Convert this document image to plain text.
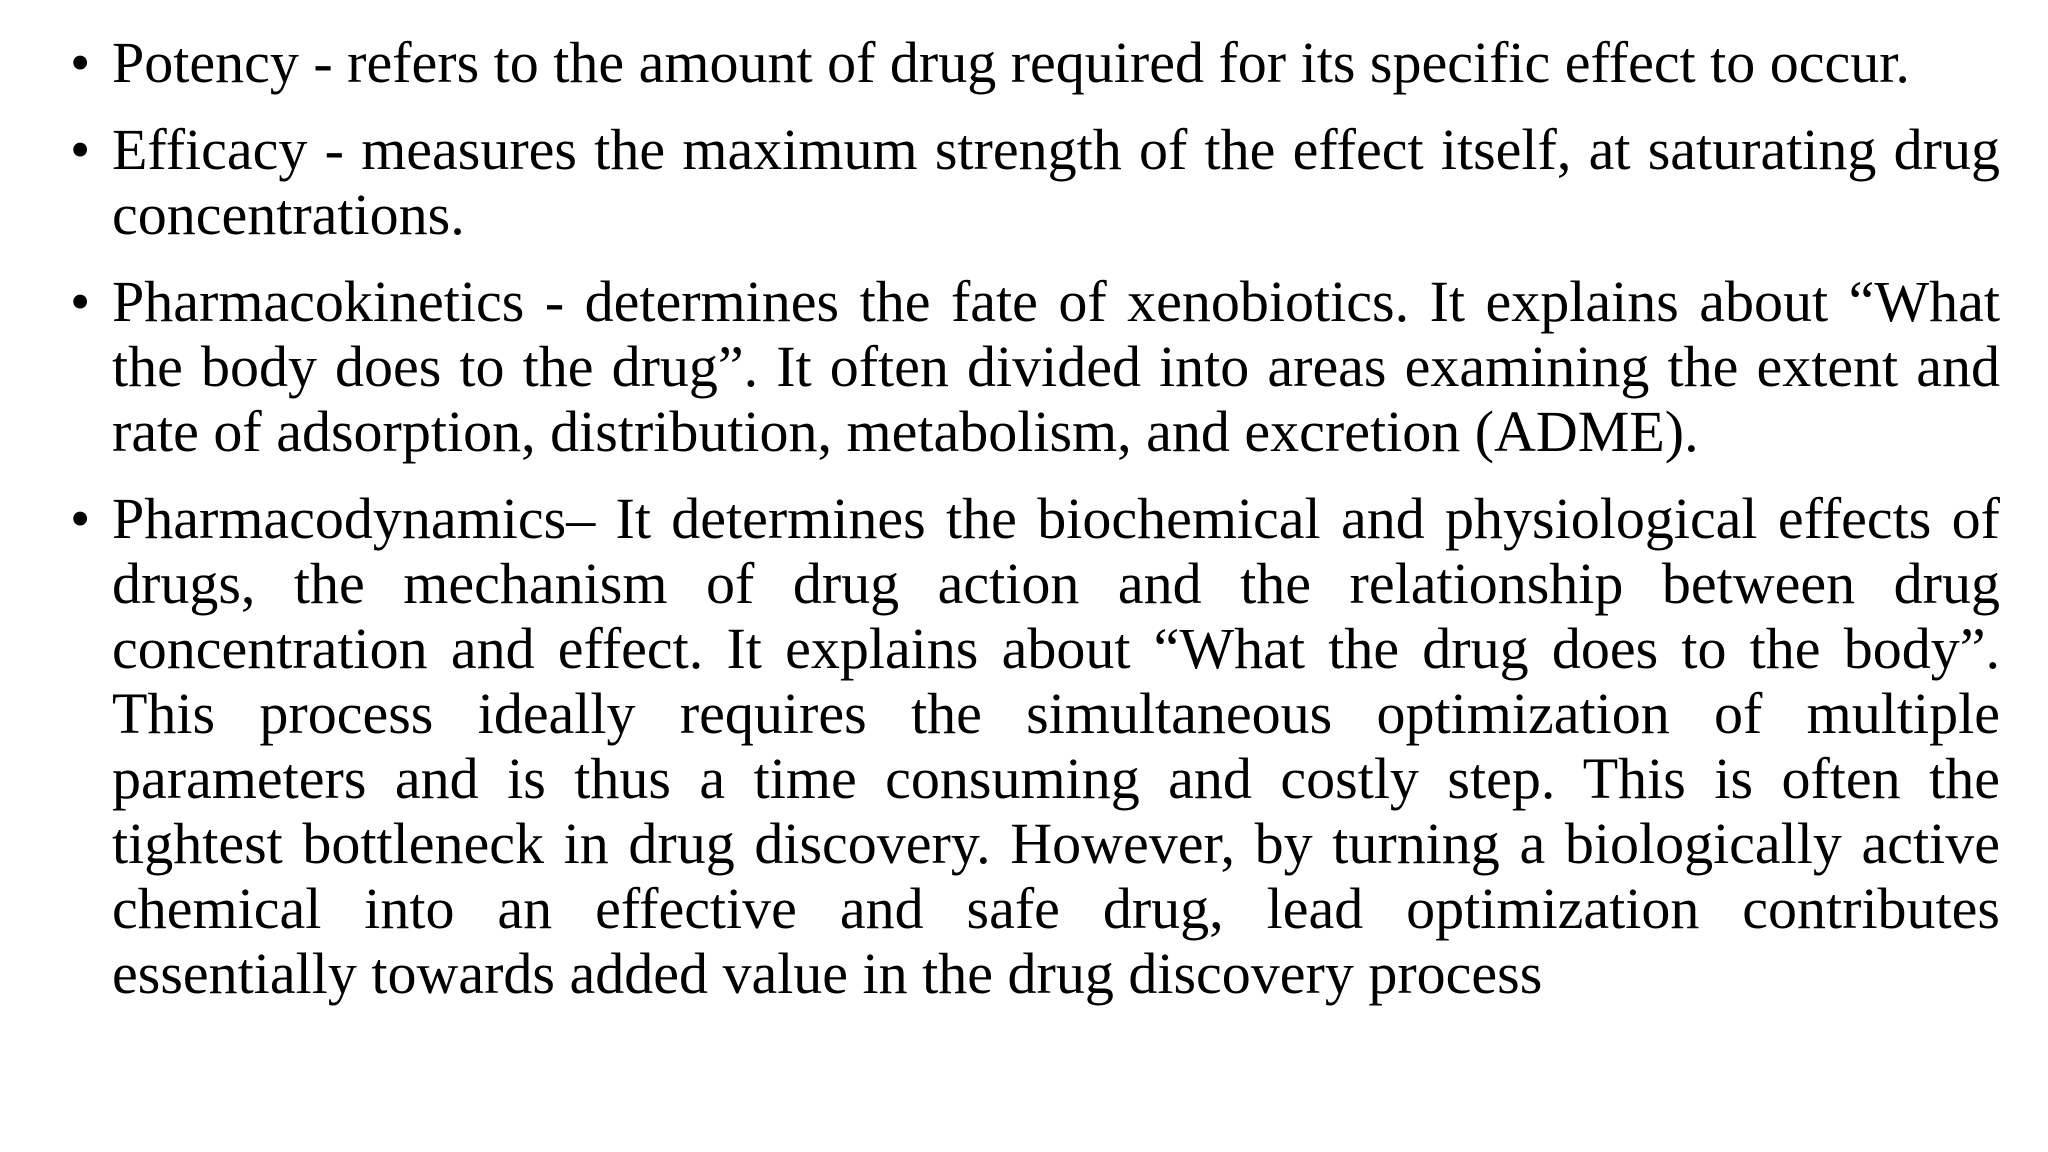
• Potency - refers to the amount of drug required for its specific effect to occur.
• Efficacy - measures the maximum strength of the effect itself, at saturating drug concentrations.
• Pharmacokinetics - determines the fate of xenobiotics. It explains about “What the body does to the drug”. It often divided into areas examining the extent and rate of adsorption, distribution, metabolism, and excretion (ADME).
• Pharmacodynamics– It determines the biochemical and physiological effects of drugs, the mechanism of drug action and the relationship between drug concentration and effect. It explains about “What the drug does to the body”. This process ideally requires the simultaneous optimization of multiple parameters and is thus a time consuming and costly step. This is often the tightest bottleneck in drug discovery. However, by turning a biologically active chemical into an effective and safe drug, lead optimization contributes essentially towards added value in the drug discovery process
